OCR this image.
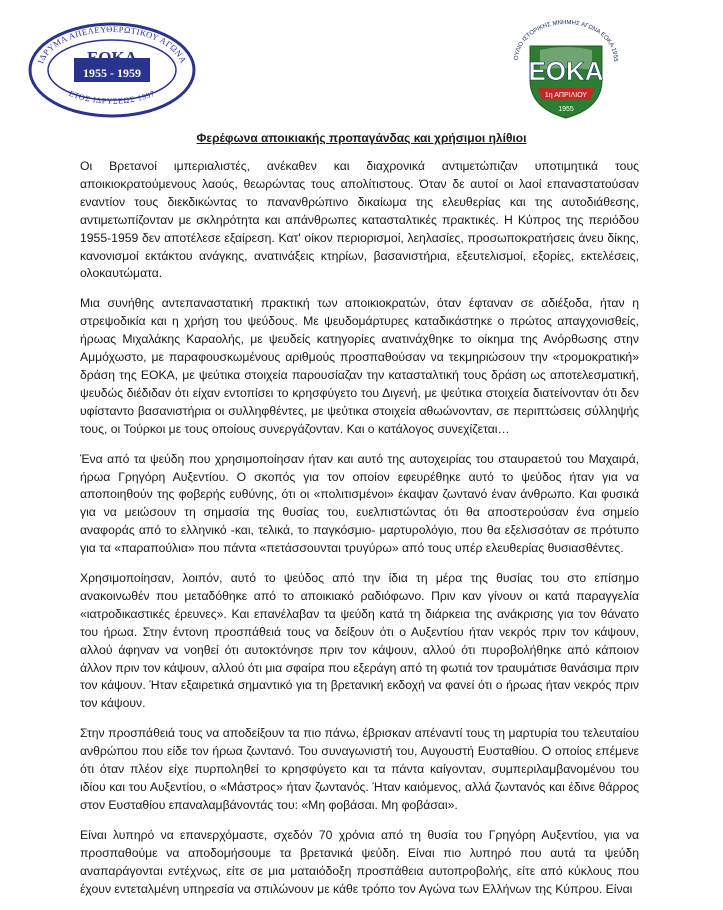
ΙΔΡΥΜΑ ΑΠΕΛΕΥΘΕΡΩΤΙΚΟΥ ΑΓΩΝΑ
ΕΤΟΣ ΙΔΡΥΣΕΩΣ 1997
ΕΟΚΑ
1955 - 1959
ΟΥΛΙΟ ΙΣΤΟΡΙΚΗΣ ΜΝΗΜΗΣ ΑΓΩΝΑ ΕΟΚΑ 1955
ΕΟΚΑ
1η ΑΠΡΙΛΙΟΥ
1955
Φερέφωνα αποικιακής προπαγάνδας και χρήσιμοι ηλίθιοι

Οι Βρετανοί ιμπεριαλιστές, ανέκαθεν και διαχρονικά αντιμετώπιζαν υποτιμητικά τους αποικιοκρατούμενους λαούς, θεωρώντας τους απολίτιστους. Όταν δε αυτοί οι λαοί επαναστατούσαν εναντίον τους διεκδικώντας το πανανθρώπινο δικαίωμα της ελευθερίας και της αυτοδιάθεσης, αντιμετωπίζονταν με σκληρότητα και απάνθρωπες κατασταλτικές πρακτικές. Η Κύπρος της περιόδου 1955-1959 δεν αποτέλεσε εξαίρεση. Κατ' οίκον περιορισμοί, λεηλασίες, προσωποκρατήσεις άνευ δίκης, κανονισμοί εκτάκτου ανάγκης, ανατινάξεις κτηρίων, βασανιστήρια, εξευτελισμοί, εξορίες, εκτελέσεις, ολοκαυτώματα.

Μια συνήθης αντεπαναστατική πρακτική των αποικιοκρατών, όταν έφταναν σε αδιέξοδα, ήταν η στρεψοδικία και η χρήση του ψεύδους. Με ψευδομάρτυρες καταδικάστηκε ο πρώτος απαγχονισθείς, ήρωας Μιχαλάκης Καραολής, με ψευδείς κατηγορίες ανατινάχθηκε το οίκημα της Ανόρθωσης στην Αμμόχωστο, με παραφουσκωμένους αριθμούς προσπαθούσαν να τεκμηριώσουν την «τρομοκρατική» δράση της ΕΟΚΑ, με ψεύτικα στοιχεία παρουσίαζαν την κατασταλτική τους δράση ως αποτελεσματική, ψευδώς διέδιδαν ότι είχαν εντοπίσει το κρησφύγετο του Διγενή, με ψεύτικα στοιχεία διατείνονταν ότι δεν υφίσταντο βασανιστήρια οι συλληφθέντες, με ψεύτικα στοιχεία αθωώνονταν, σε περιπτώσεις σύλληψής τους, οι Τούρκοι με τους οποίους συνεργάζονταν. Και ο κατάλογος συνεχίζεται…

Ένα από τα ψεύδη που χρησιμοποίησαν ήταν και αυτό της αυτοχειρίας του σταυραετού του Μαχαιρά, ήρωα Γρηγόρη Αυξεντίου. Ο σκοπός για τον οποίον εφευρέθηκε αυτό το ψεύδος ήταν για να αποποιηθούν της φοβερής ευθύνης, ότι οι «πολιτισμένοι» έκαψαν ζωντανό έναν άνθρωπο. Και φυσικά για να μειώσουν τη σημασία της θυσίας του, ευελπιστώντας ότι θα αποστερούσαν ένα σημείο αναφοράς από το ελληνικό -και, τελικά, το παγκόσμιο- μαρτυρολόγιο, που θα εξελισσόταν σε πρότυπο για τα «παραπούλια» που πάντα «πετάσσουνται τρυγύρω» από τους υπέρ ελευθερίας θυσιασθέντες.

Χρησιμοποίησαν, λοιπόν, αυτό το ψεύδος από την ίδια τη μέρα της θυσίας του στο επίσημο ανακοινωθέν που μεταδόθηκε από το αποικιακό ραδιόφωνο. Πριν καν γίνουν οι κατά παραγγελία «ιατροδικαστικές έρευνες». Και επανέλαβαν τα ψεύδη κατά τη διάρκεια της ανάκρισης για τον θάνατο του ήρωα. Στην έντονη προσπάθειά τους να δείξουν ότι ο Αυξεντίου ήταν νεκρός πριν τον κάψουν, αλλού άφηναν να νοηθεί ότι αυτοκτόνησε πριν τον κάψουν, αλλού ότι πυροβολήθηκε από κάποιον άλλον πριν τον κάψουν, αλλού ότι μια σφαίρα που εξεράγη από τη φωτιά τον τραυμάτισε θανάσιμα πριν τον κάψουν. Ήταν εξαιρετικά σημαντικό για τη βρετανική εκδοχή να φανεί ότι ο ήρωας ήταν νεκρός πριν τον κάψουν.

Στην προσπάθειά τους να αποδείξουν τα πιο πάνω, έβρισκαν απέναντί τους τη μαρτυρία του τελευταίου ανθρώπου που είδε τον ήρωα ζωντανό. Του συναγωνιστή του, Αυγουστή Ευσταθίου. Ο οποίος επέμενε ότι όταν πλέον είχε πυρποληθεί το κρησφύγετο και τα πάντα καίγονταν, συμπεριλαμβανομένου του ιδίου και του Αυξεντίου, ο «Μάστρος» ήταν ζωντανός. Ήταν καιόμενος, αλλά ζωντανός και έδινε θάρρος στον Ευσταθίου επαναλαμβάνοντάς του: «Μη φοβάσαι. Μη φοβάσαι».

Είναι λυπηρό να επανερχόμαστε, σχεδόν 70 χρόνια από τη θυσία του Γρηγόρη Αυξεντίου, για να προσπαθούμε να αποδομήσουμε τα βρετανικά ψεύδη. Είναι πιο λυπηρό που αυτά τα ψεύδη αναπαράγονται εντέχνως, είτε σε μια ματαιόδοξη προσπάθεια αυτοπροβολής, είτε από κύκλους που έχουν εντεταλμένη υπηρεσία να σπιλώνουν με κάθε τρόπο τον Αγώνα των Ελλήνων της Κύπρου. Είναι
